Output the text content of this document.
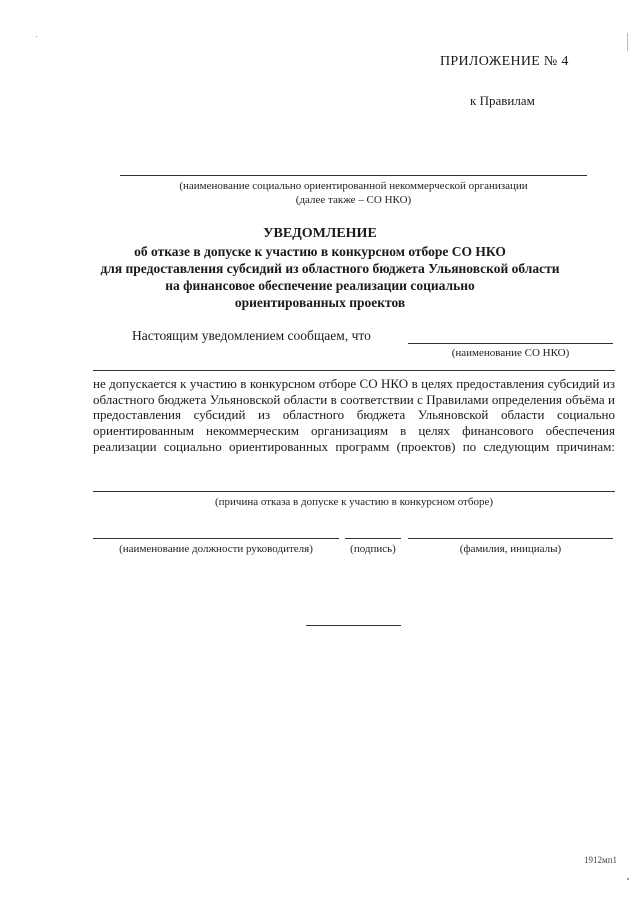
ПРИЛОЖЕНИЕ № 4
к Правилам
(наименование социально ориентированной некоммерческой организации
(далее также – СО НКО)
УВЕДОМЛЕНИЕ
об отказе в допуске к участию в конкурсном отборе СО НКО
для предоставления субсидий из областного бюджета Ульяновской области
на финансовое обеспечение реализации социально
ориентированных проектов
Настоящим уведомлением сообщаем, что
(наименование СО НКО)
не допускается к участию в конкурсном отборе СО НКО в целях предоставления субсидий из областного бюджета Ульяновской области в соответствии с Правилами определения объёма и предоставления субсидий из областного бюджета Ульяновской области социально ориентированным некоммерческим организациям в целях финансового обеспечения реализации социально ориентированных программ (проектов) по следующим причинам:
(причина отказа в допуске к участию в конкурсном отборе)
(наименование должности руководителя)	(подпись)	(фамилия, инициалы)
1912мп1
